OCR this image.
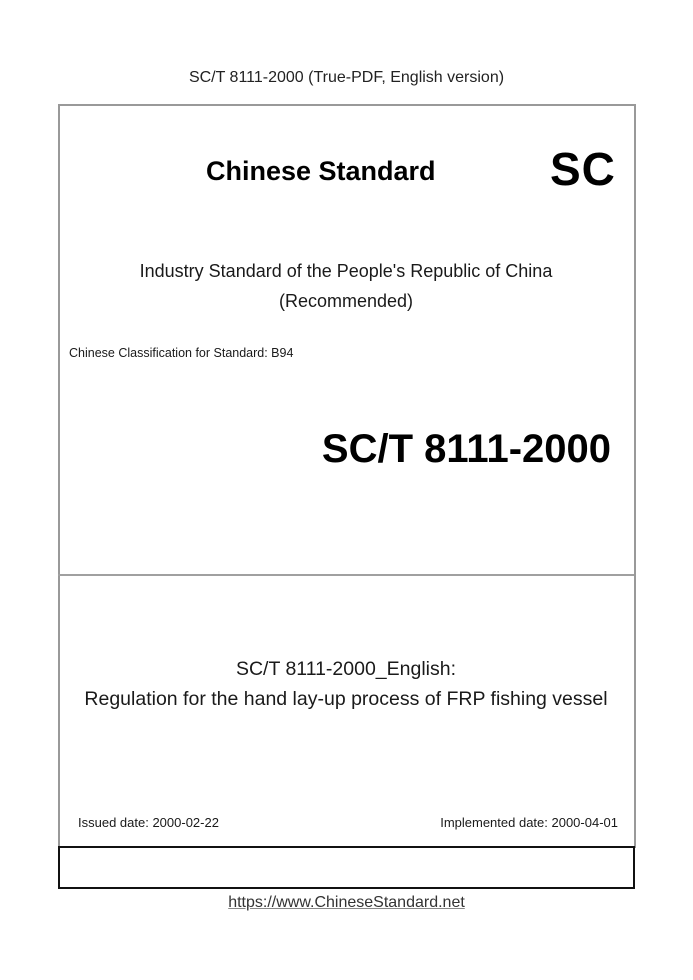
SC/T 8111-2000 (True-PDF, English version)
Chinese Standard SC
Industry Standard of the People's Republic of China
(Recommended)
Chinese Classification for Standard: B94
SC/T 8111-2000
SC/T 8111-2000_English:
Regulation for the hand lay-up process of FRP fishing vessel
Issued date: 2000-02-22	Implemented date: 2000-04-01
https://www.ChineseStandard.net
